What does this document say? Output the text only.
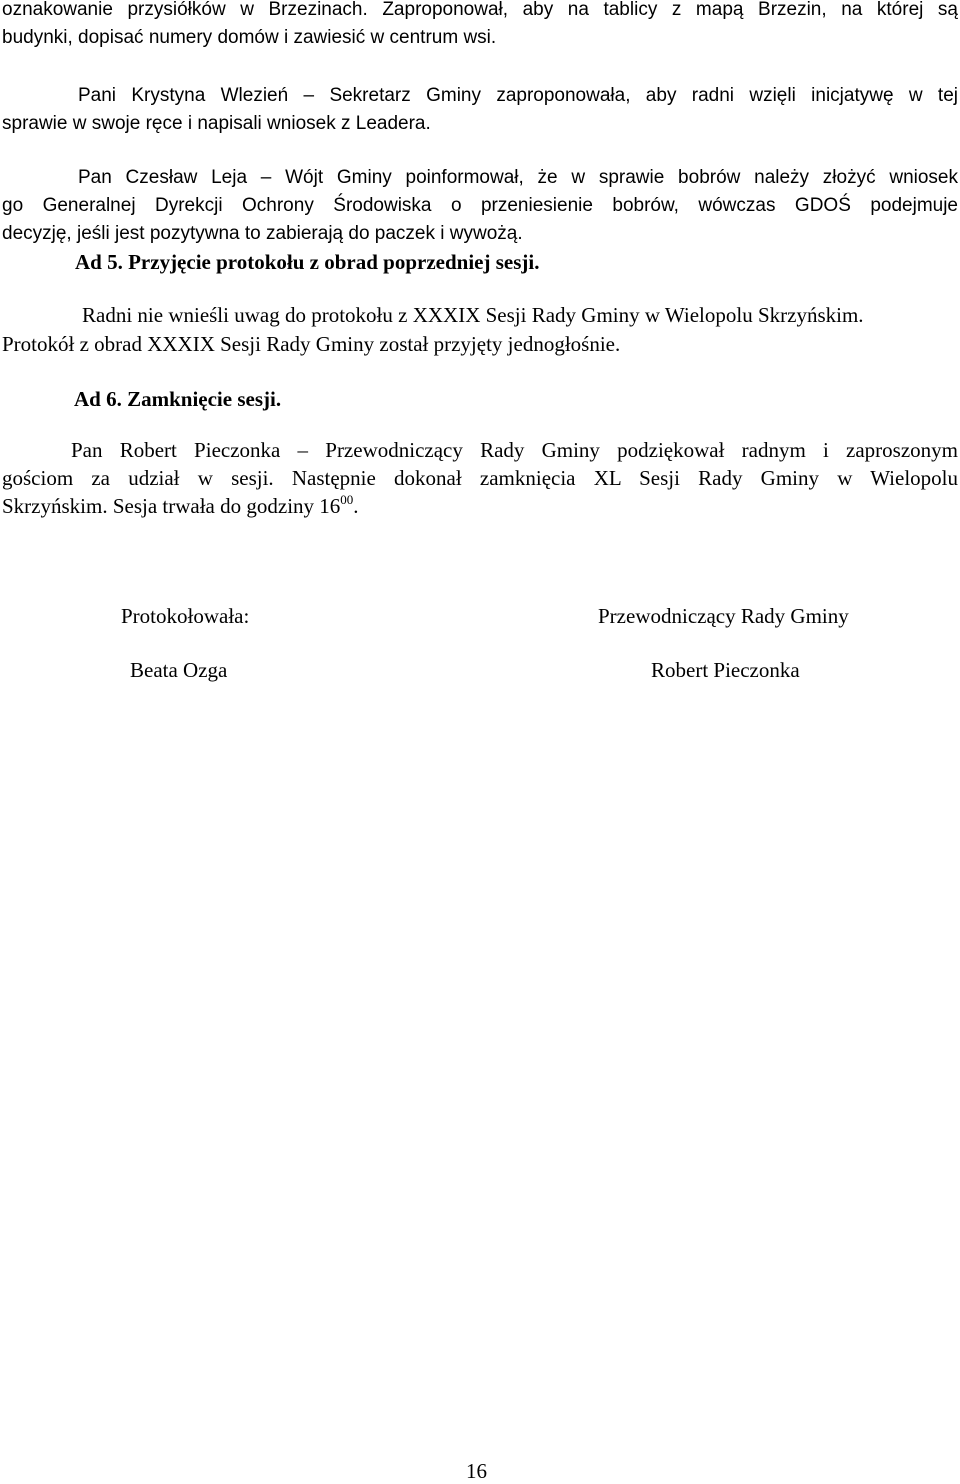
oznakowanie przysiółków w Brzezinach. Zaproponował, aby na tablicy z mapą Brzezin, na której są
budynki, dopisać numery domów i zawiesić w centrum wsi.
Pani Krystyna Wlezień – Sekretarz Gminy zaproponowała, aby radni wzięli inicjatywę w tej
sprawie w swoje ręce i napisali wniosek z Leadera.
Pan Czesław Leja – Wójt Gminy poinformował, że w sprawie bobrów należy złożyć wniosek
go Generalnej Dyrekcji Ochrony Środowiska o przeniesienie bobrów, wówczas GDOŚ podejmuje
decyzję, jeśli jest pozytywna to zabierają do paczek i wywożą.
Ad 5. Przyjęcie protokołu z obrad poprzedniej sesji.
Radni nie wnieśli uwag do protokołu z XXXIX Sesji Rady Gminy w Wielopolu Skrzyńskim.
Protokół z obrad XXXIX Sesji Rady Gminy został przyjęty jednogłośnie.
Ad 6. Zamknięcie sesji.
Pan Robert Pieczonka – Przewodniczący Rady Gminy podziękował radnym i zaproszonym
gościom za udział w sesji. Następnie dokonał zamknięcia XL Sesji Rady Gminy w Wielopolu
Skrzyńskim. Sesja trwała do godziny $16^{00}$.
Protokołowała:
Beata Ozga
Przewodniczący Rady Gminy
Robert Pieczonka
16
